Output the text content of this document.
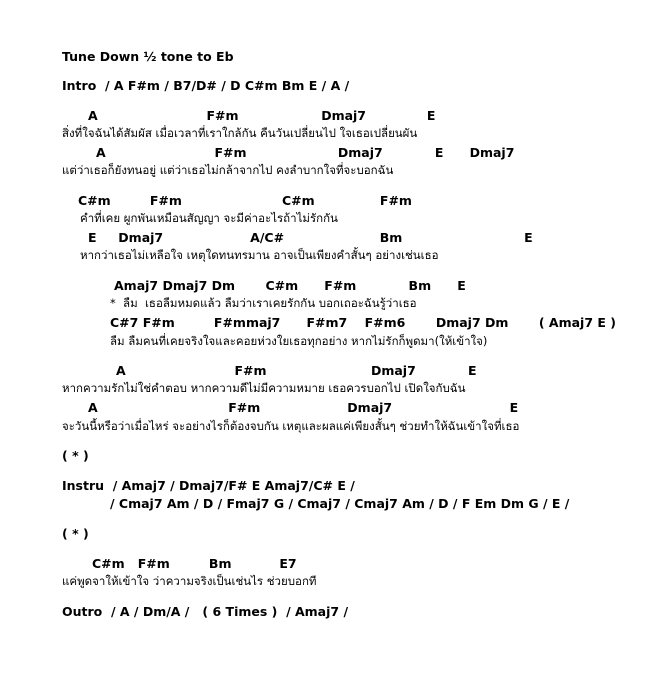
Tune Down ½ tone to Eb
Intro  / A F#m / B7/D# / D C#m Bm E / A /
A                         F#m                   Dmaj7              E
สิ่งที่ใจฉันได้สัมผัส เมื่อเวลาที่เราใกล้กัน คืนวันเปลี่ยนไป ใจเธอเปลี่ยนผัน
A                         F#m                     Dmaj7            E      Dmaj7
แต่ว่าเธอก็ยังทนอยู่ แต่ว่าเธอไม่กล้าจากไป คงลำบากใจที่จะบอกฉัน
C#m         F#m                       C#m               F#m
คำที่เคย ผูกพันเหมือนสัญญา จะมีค่าอะไรถ้าไม่รักกัน
E     Dmaj7                    A/C#                      Bm                            E
หากว่าเธอไม่เหลือใจ เหตุใดทนทรมาน อาจเป็นเพียงคำสั้นๆ อย่างเช่นเธอ
Amaj7 Dmaj7 Dm       C#m      F#m            Bm      E
*  ลืม  เธอลืมหมดแล้ว ลืมว่าเราเคยรักกัน บอกเถอะฉันรู้ว่าเธอ
C#7 F#m         F#mmaj7      F#m7    F#m6       Dmaj7 Dm       ( Amaj7 E )
ลืม ลืมคนที่เคยจริงใจและคอยห่วงใยเธอทุกอย่าง หากไม่รักก็พูดมา(ให้เข้าใจ)
A                         F#m                        Dmaj7            E
หากความรักไม่ใช่คำตอบ หากความดีไม่มีความหมาย เธอควรบอกไป เปิดใจกับฉัน
A                              F#m                    Dmaj7                           E
จะวันนี้หรือว่าเมื่อไหร่ จะอย่างไรก็ต้องจบกัน เหตุและผลแค่เพียงสั้นๆ ช่วยทำให้ฉันเข้าใจที่เธอ
( * )
Instru  / Amaj7 / Dmaj7/F# E Amaj7/C# E /
/ Cmaj7 Am / D / Fmaj7 G / Cmaj7 / Cmaj7 Am / D / F Em Dm G / E /
( * )
C#m   F#m         Bm           E7
แค่พูดจาให้เข้าใจ ว่าความจริงเป็นเช่นไร ช่วยบอกที
Outro  / A / Dm/A /   ( 6 Times )  / Amaj7 /
